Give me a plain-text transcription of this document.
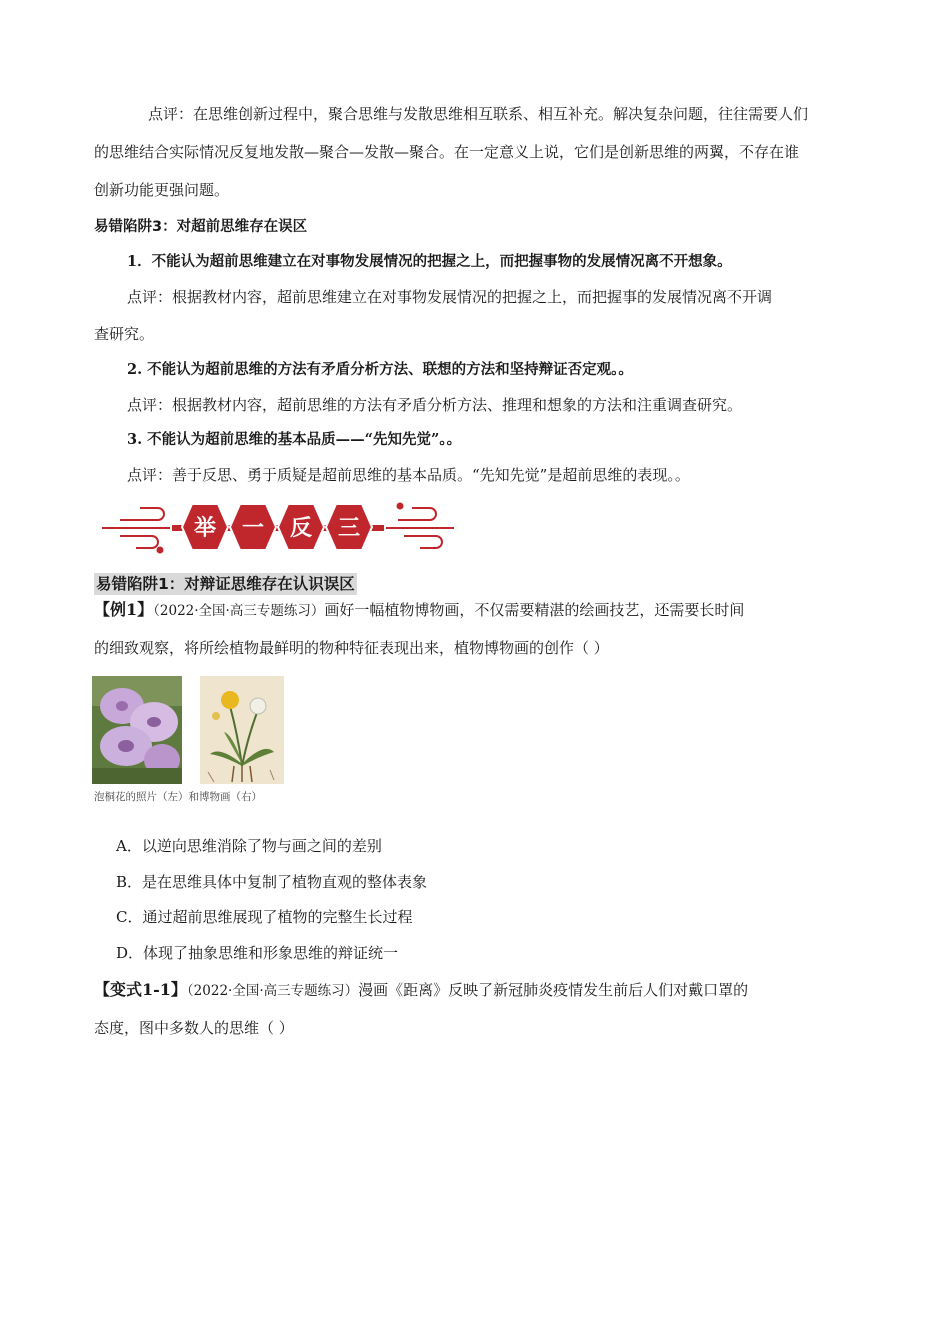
点评：在思维创新过程中，聚合思维与发散思维相互联系、相互补充。解决复杂问题，往往需要人们
的思维结合实际情况反复地发散—聚合—发散—聚合。在一定意义上说，它们是创新思维的两翼，不存在谁
创新功能更强问题。
易错陷阱3：对超前思维存在误区
1．不能认为超前思维建立在对事物发展情况的把握之上，而把握事物的发展情况离不开想象。
点评：根据教材内容，超前思维建立在对事物发展情况的把握之上，而把握事的发展情况离不开调
查研究。
2. 不能认为超前思维的方法有矛盾分析方法、联想的方法和坚持辩证否定观。。
点评：根据教材内容，超前思维的方法有矛盾分析方法、推理和想象的方法和注重调查研究。
3. 不能认为超前思维的基本品质——“先知先觉”。。
点评：善于反思、勇于质疑是超前思维的基本品质。“先知先觉”是超前思维的表现。。
举 一 反 三
易错陷阱1：对辩证思维存在认识误区
【例1】（2022·全国·高三专题练习）画好一幅植物博物画，不仅需要精湛的绘画技艺，还需要长时间
的细致观察，将所绘植物最鲜明的物种特征表现出来，植物博物画的创作（ ）
泡桐花的照片（左）和博物画（右）
A．以逆向思维消除了物与画之间的差别
B．是在思维具体中复制了植物直观的整体表象
C．通过超前思维展现了植物的完整生长过程
D．体现了抽象思维和形象思维的辩证统一
【变式1-1】（2022·全国·高三专题练习）漫画《距离》反映了新冠肺炎疫情发生前后人们对戴口罩的
态度，图中多数人的思维（ ）
